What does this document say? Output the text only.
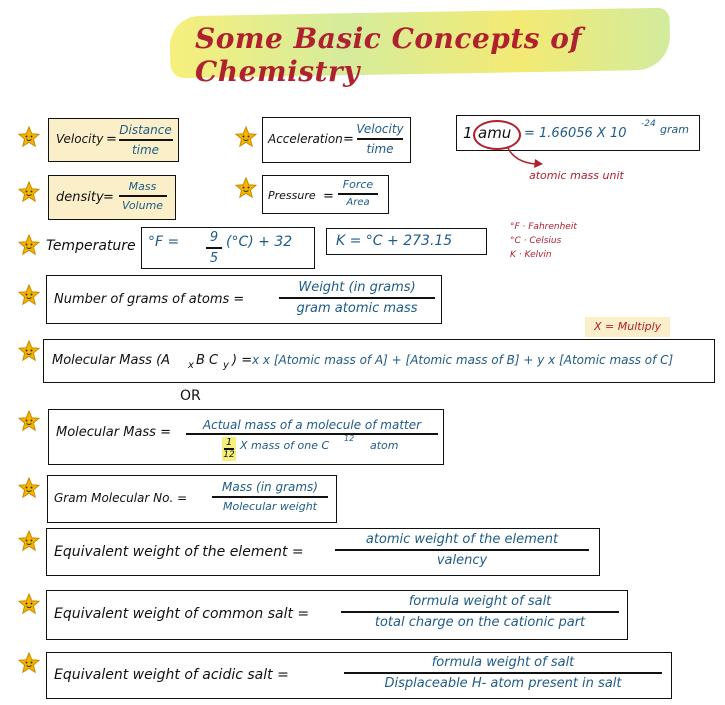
Some Basic Concepts of Chemistry
Velocity =
Distance
time
Acceleration =
Velocity
time
1 amu = 1.66056 X 10
-24 gram
atomic mass unit
density =
Mass
Volume
Pressure =
Force
Area
Temperature °F = 9
5
(°C) + 32	K = °C + 273.15
°F · Fahrenheit
°C · Celsius
K · Kelvin
Number of grams of atoms =
Weight (in grams)
gram atomic mass
X = Multiply
Molecular Mass (A x B C y ) = x x [Atomic mass of A] + [Atomic mass of B] + y x [Atomic mass of C]
OR
Molecular Mass =	Actual mass of a molecule of matter
1
12
X mass of one C
12
atom
Gram Molecular No. =
Mass (in grams)
Molecular weight
Equivalent weight of the element =
atomic weight of the element
valency
Equivalent weight of common salt =
formula weight of salt
total charge on the cationic part
Equivalent weight of acidic salt =
formula weight of salt
Displaceable H- atom present in salt
